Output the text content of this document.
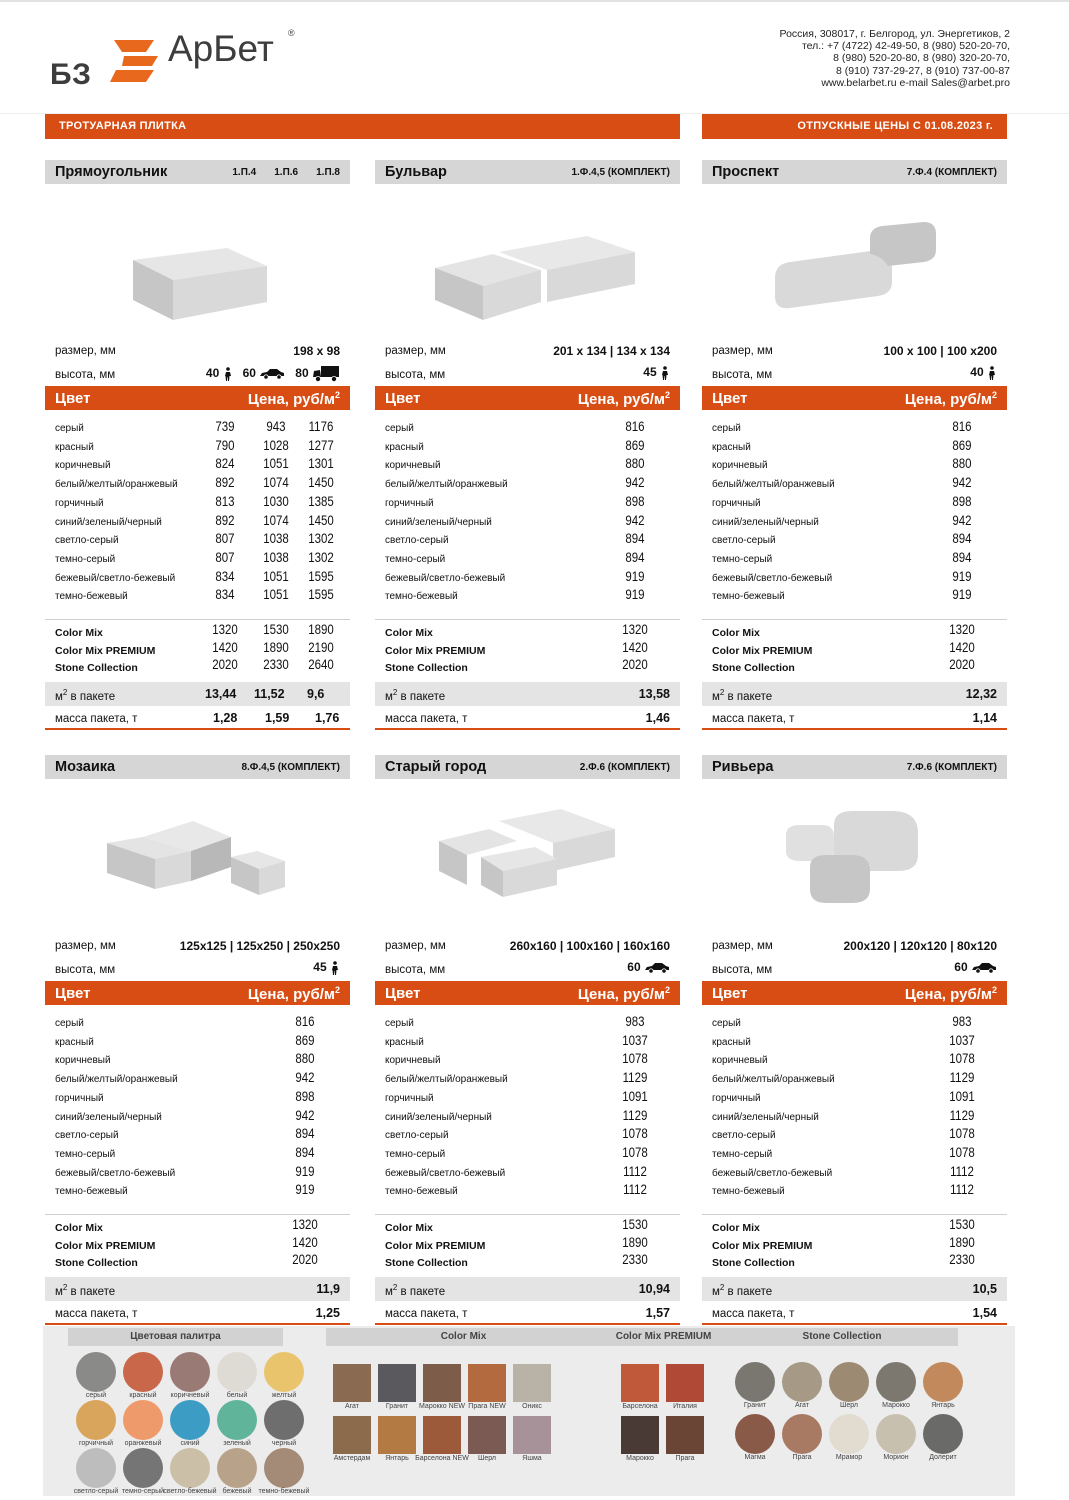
БЗ
АрБет ®	Россия, 308017, г. Белгород, ул. Энергетиков, 2
тел.: +7 (4722) 42-49-50, 8 (980) 520-20-70,
8 (980) 520-20-80, 8 (980) 320-20-70,
8 (910) 737-29-27, 8 (910) 737-00-87
www.belarbet.ru e-mail Sales@arbet.pro
ТРОТУАРНАЯ ПЛИТКА	ОТПУСКНЫЕ ЦЕНЫ С 01.08.2023 г.
Прямоугольник	1.П.4 1.П.6 1.П.8
размер, мм	198 x 98
высота, мм	40 60	80
Цвет	Цена, руб/$м^2$
серый	739	943	1176
красный	790	1028	1277
коричневый	824	1051	1301
белый/желтый/оранжевый	892	1074	1450
горчичный	813	1030	1385
синий/зеленый/черный	892	1074	1450
светло-серый	807	1038	1302
темно-серый	807	1038	1302
бежевый/светло-бежевый	834	1051	1595
темно-бежевый	834	1051	1595
Color Mix	1320	1530	1890
Color Mix PREMIUM	1420	1890	2190
Stone Collection	2020	2330	2640
$м^2$ в пакете	13,44 11,52 9,6
масса пакета, т	1,28 1,59 1,76
Бульвар	1.Ф.4,5 (КОМПЛЕКТ)
размер, мм	201 x 134 | 134 x 134
высота, мм	45
Цвет	Цена, руб/$м^2$
серый	816
красный	869
коричневый	880
белый/желтый/оранжевый	942
горчичный	898
синий/зеленый/черный	942
светло-серый	894
темно-серый	894
бежевый/светло-бежевый	919
темно-бежевый	919
Color Mix	1320
Color Mix PREMIUM	1420
Stone Collection	2020
$м^2$ в пакете	13,58
масса пакета, т	1,46
Проспект	7.Ф.4 (КОМПЛЕКТ)
размер, мм	100 x 100 | 100 x200
высота, мм	40
Цвет	Цена, руб/$м^2$
серый	816
красный	869
коричневый	880
белый/желтый/оранжевый	942
горчичный	898
синий/зеленый/черный	942
светло-серый	894
темно-серый	894
бежевый/светло-бежевый	919
темно-бежевый	919
Color Mix	1320
Color Mix PREMIUM	1420
Stone Collection	2020
$м^2$ в пакете	12,32
масса пакета, т	1,14
Мозаика	8.Ф.4,5 (КОМПЛЕКТ)
размер, мм	125x125 | 125x250 | 250x250
высота, мм	45
Цвет	Цена, руб/$м^2$
серый	816
красный	869
коричневый	880
белый/желтый/оранжевый	942
горчичный	898
синий/зеленый/черный	942
светло-серый	894
темно-серый	894
бежевый/светло-бежевый	919
темно-бежевый	919
Color Mix	1320
Color Mix PREMIUM	1420
Stone Collection	2020
$м^2$ в пакете	11,9
масса пакета, т	1,25
Старый город	2.Ф.6 (КОМПЛЕКТ)
размер, мм	260x160 | 100x160 | 160x160
высота, мм	60
Цвет	Цена, руб/$м^2$
серый	983
красный	1037
коричневый	1078
белый/желтый/оранжевый	1129
горчичный	1091
синий/зеленый/черный	1129
светло-серый	1078
темно-серый	1078
бежевый/светло-бежевый	1112
темно-бежевый	1112
Color Mix	1530
Color Mix PREMIUM	1890
Stone Collection	2330
$м^2$ в пакете	10,94
масса пакета, т	1,57
Ривьера	7.Ф.6 (КОМПЛЕКТ)
размер, мм	200x120 | 120x120 | 80x120
высота, мм	60
Цвет	Цена, руб/$м^2$
серый	983
красный	1037
коричневый	1078
белый/желтый/оранжевый	1129
горчичный	1091
синий/зеленый/черный	1129
светло-серый	1078
темно-серый	1078
бежевый/светло-бежевый	1112
темно-бежевый	1112
Color Mix	1530
Color Mix PREMIUM	1890
Stone Collection	2330
$м^2$ в пакете	10,5
масса пакета, т	1,54
Цветовая палитра	Color Mix	Color Mix PREMIUM	Stone Collection
серый	красный	коричневый	белый	желтый
горчичный	оранжевый	синий	зеленый	черный
светло-серый темно-серый светло-бежевый бежевый	темно-бежевый
Агат	Гранит	Марокко NEW Прага NEW	Оникс
Амстердам	Янтарь Барселона NEW	Шерл	Яшма
Барселона	Италия
Марокко	Прага
Гранит	Агат	Шерл	Марокко	Янтарь
Магма	Прага	Мрамор	Морион	Долерит
